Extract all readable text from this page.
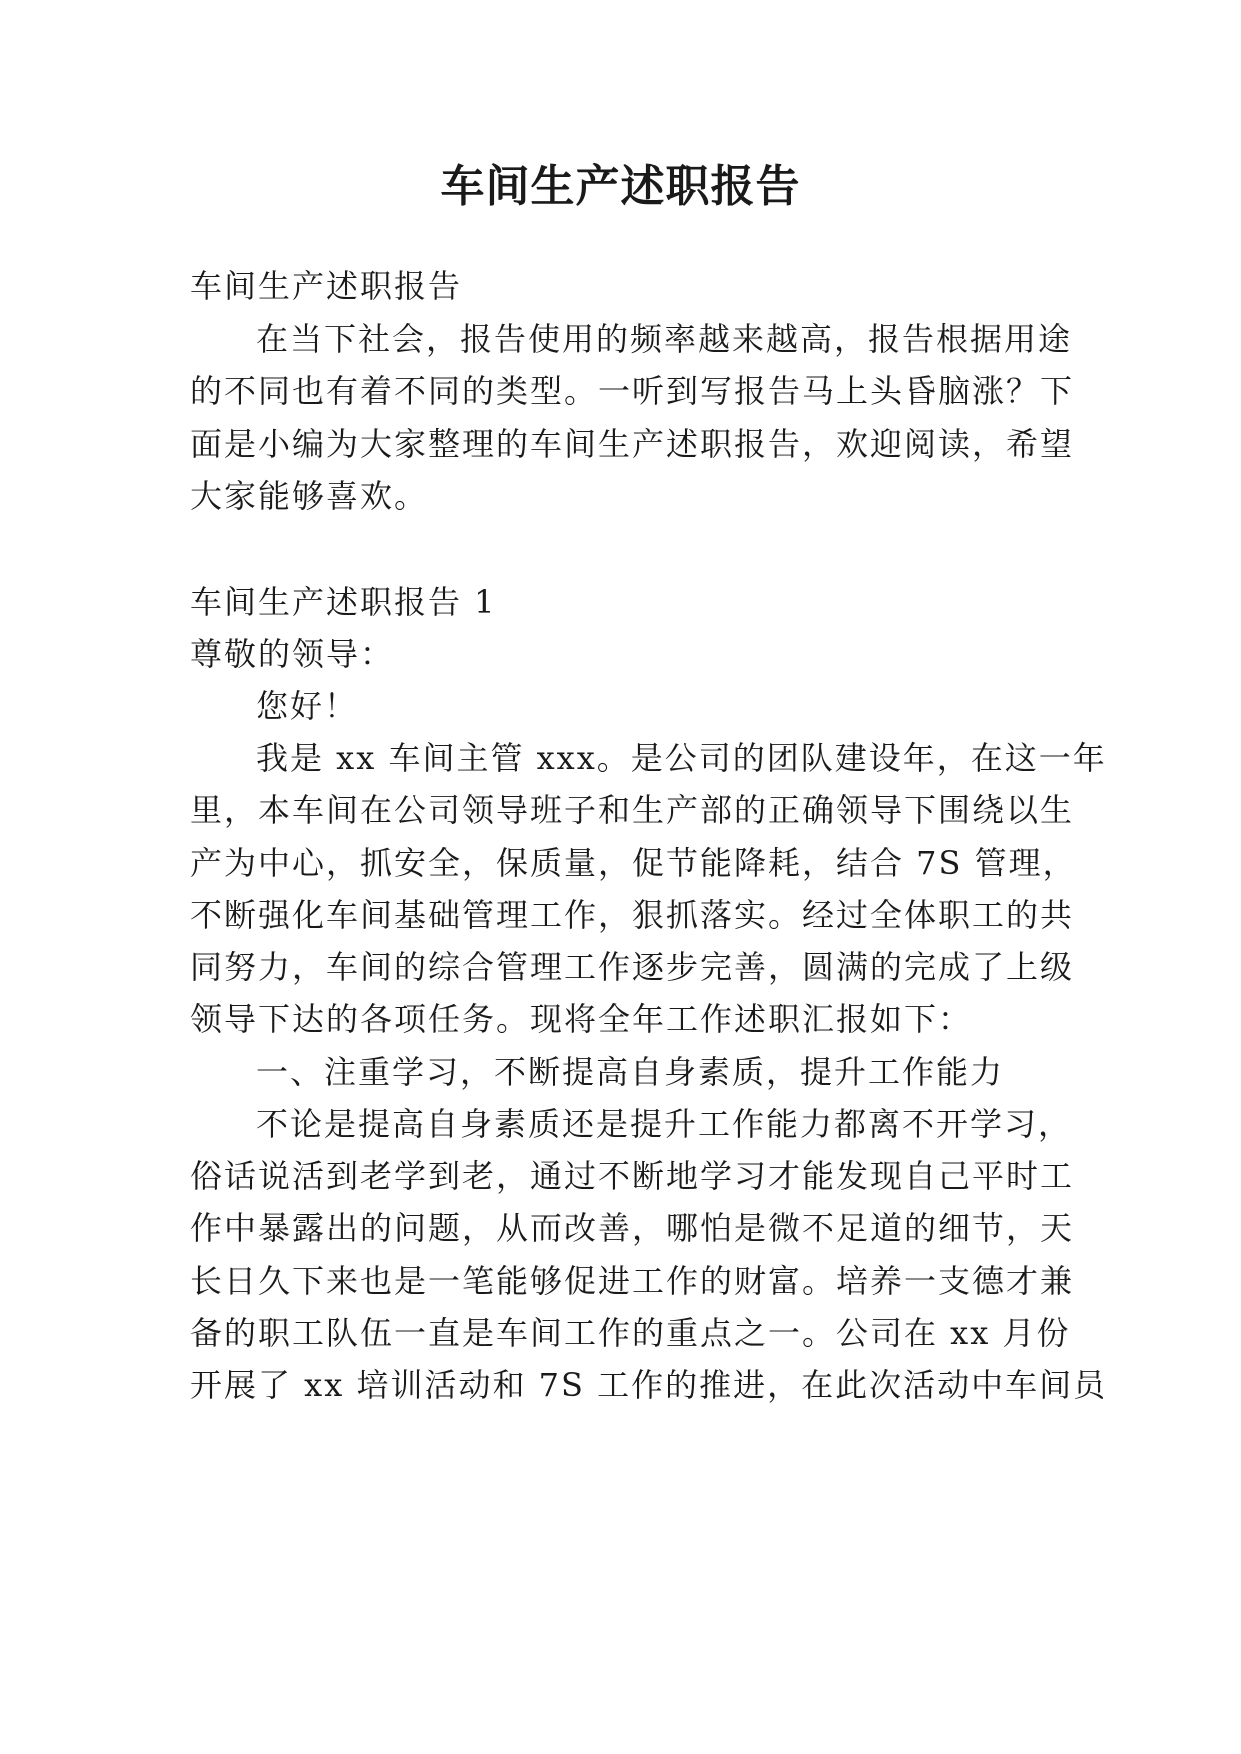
车间生产述职报告

车间生产述职报告

在当下社会，报告使用的频率越来越高，报告根据用途

的不同也有着不同的类型。一听到写报告马上头昏脑涨？下

面是小编为大家整理的车间生产述职报告，欢迎阅读，希望

大家能够喜欢。

车间生产述职报告 1

尊敬的领导：

您好！

我是 xx 车间主管 xxx。是公司的团队建设年，在这一年

里，本车间在公司领导班子和生产部的正确领导下围绕以生

产为中心，抓安全，保质量，促节能降耗，结合 7S 管理，

不断强化车间基础管理工作，狠抓落实。经过全体职工的共

同努力，车间的综合管理工作逐步完善，圆满的完成了上级

领导下达的各项任务。现将全年工作述职汇报如下：

一、注重学习，不断提高自身素质，提升工作能力

不论是提高自身素质还是提升工作能力都离不开学习，

俗话说活到老学到老，通过不断地学习才能发现自己平时工

作中暴露出的问题，从而改善，哪怕是微不足道的细节，天

长日久下来也是一笔能够促进工作的财富。培养一支德才兼

备的职工队伍一直是车间工作的重点之一。公司在 xx 月份

开展了 xx 培训活动和 7S 工作的推进，在此次活动中车间员
